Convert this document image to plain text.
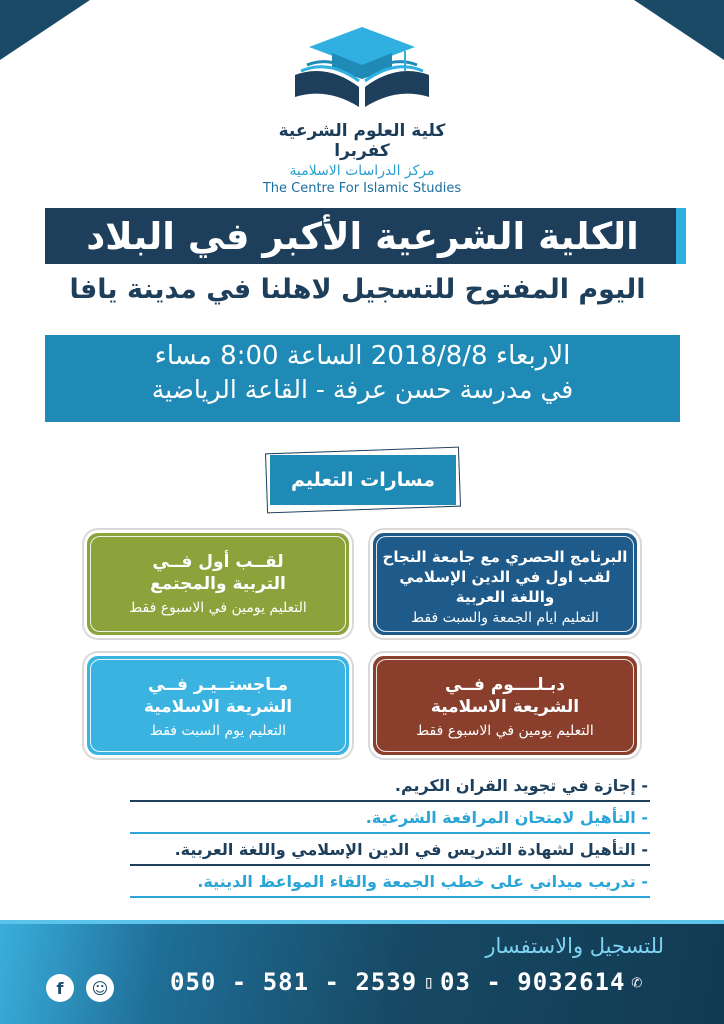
كلية العلوم الشرعية كفربرا
مركز الدراسات الاسلامية
The Centre For Islamic Studies
الكلية الشرعية الأكبر في البلاد
اليوم المفتوح للتسجيل لاهلنا في مدينة يافا
الاربعاء 2018/8/8 الساعة 8:00 مساء
في مدرسة حسن عرفة - القاعة الرياضية
مسارات التعليم
البرنامج الحصري مع جامعة النجاح
لقب اول في الدين الإسلامي
واللغة العربية
التعليم ايام الجمعة والسبت فقط
لقــب أول فــي
التربية والمجتمع
التعليم يومين في الاسبوع فقط
دبـلــــوم فــي
الشريعة الاسلامية
التعليم يومين في الاسبوع فقط
مـاجستــيـر فــي
الشريعة الاسلامية
التعليم يوم السبت فقط
- إجازة في تجويد القران الكريم.
- التأهيل لامتحان المرافعة الشرعية.
- التأهيل لشهادة التدريس في الدين الإسلامي واللغة العربية.
- تدريب ميداني على خطب الجمعة والقاء المواعظ الدينية.
للتسجيل والاستفسار
050 - 581 - 2539 ▯ 03 - 9032614 ✆
f	☺
